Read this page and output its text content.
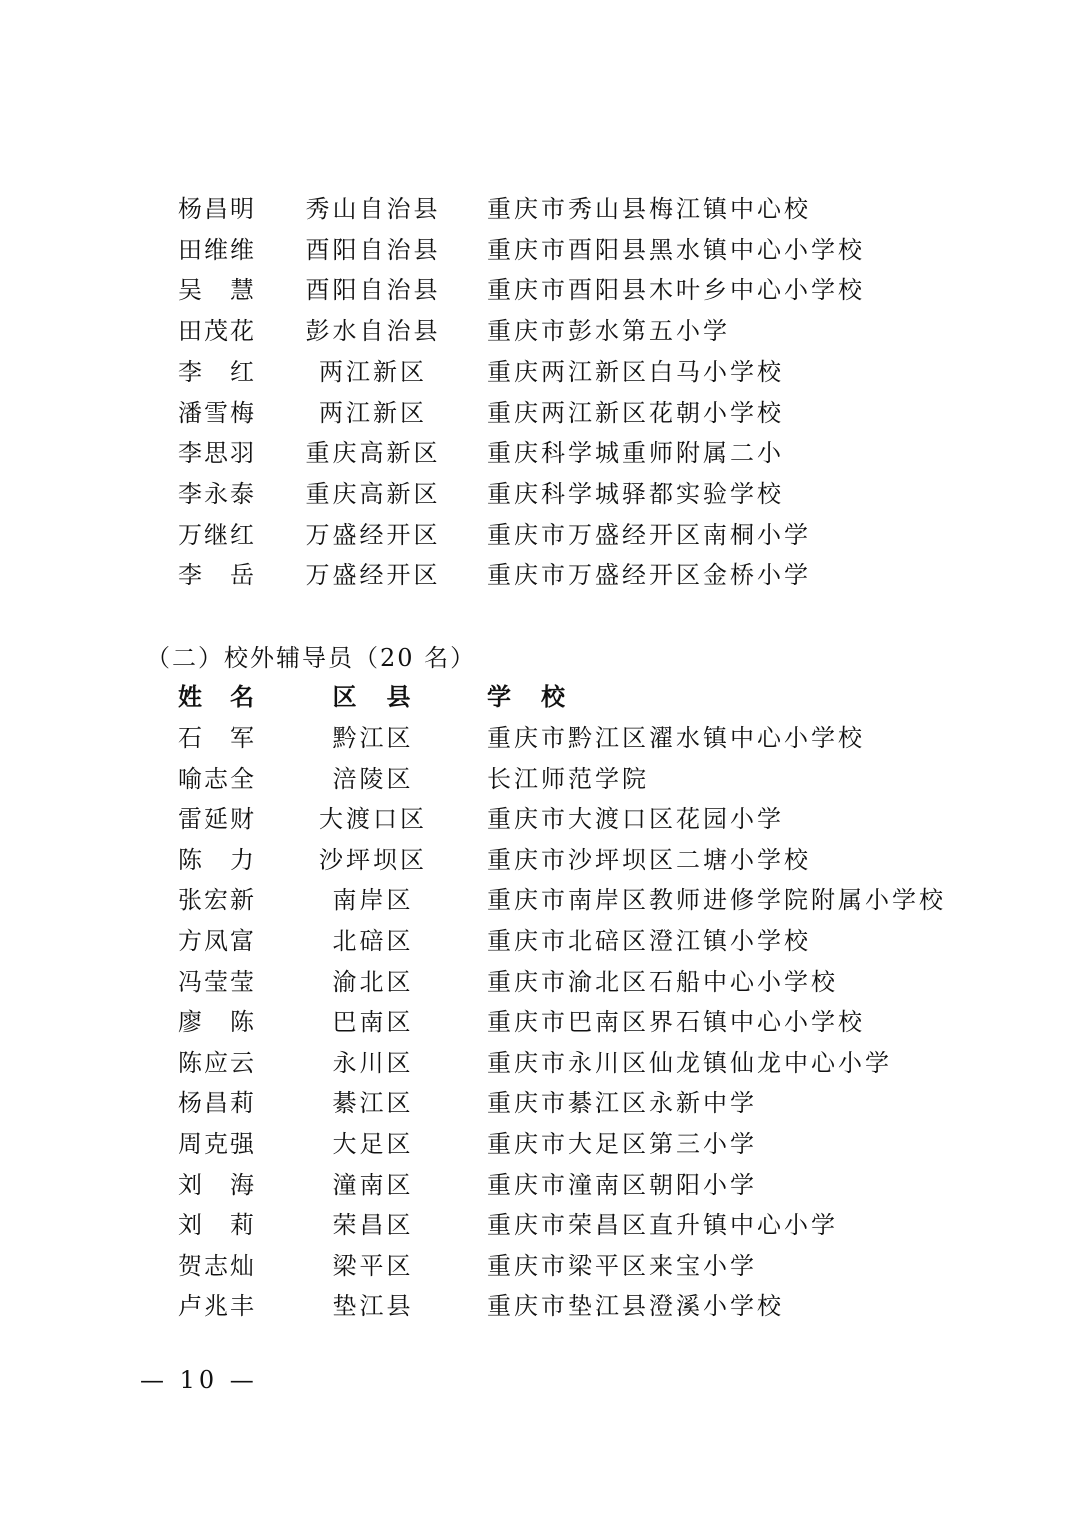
杨昌明	秀山自治县	重庆市秀山县梅江镇中心校
田维维	酉阳自治县	重庆市酉阳县黑水镇中心小学校
吴　慧	酉阳自治县	重庆市酉阳县木叶乡中心小学校
田茂花	彭水自治县	重庆市彭水第五小学
李　红	两江新区	重庆两江新区白马小学校
潘雪梅	两江新区	重庆两江新区花朝小学校
李思羽	重庆高新区	重庆科学城重师附属二小
李永泰	重庆高新区	重庆科学城驿都实验学校
万继红	万盛经开区	重庆市万盛经开区南桐小学
李　岳	万盛经开区	重庆市万盛经开区金桥小学
（二）校外辅导员（20 名）
姓　名	区　县	学　校
石　军	黔江区	重庆市黔江区濯水镇中心小学校
喻志全	涪陵区	长江师范学院
雷延财	大渡口区	重庆市大渡口区花园小学
陈　力	沙坪坝区	重庆市沙坪坝区二塘小学校
张宏新	南岸区	重庆市南岸区教师进修学院附属小学校
方凤富	北碚区	重庆市北碚区澄江镇小学校
冯莹莹	渝北区	重庆市渝北区石船中心小学校
廖　陈	巴南区	重庆市巴南区界石镇中心小学校
陈应云	永川区	重庆市永川区仙龙镇仙龙中心小学
杨昌莉	綦江区	重庆市綦江区永新中学
周克强	大足区	重庆市大足区第三小学
刘　海	潼南区	重庆市潼南区朝阳小学
刘　莉	荣昌区	重庆市荣昌区直升镇中心小学
贺志灿	梁平区	重庆市梁平区来宝小学
卢兆丰	垫江县	重庆市垫江县澄溪小学校
— 10 —
